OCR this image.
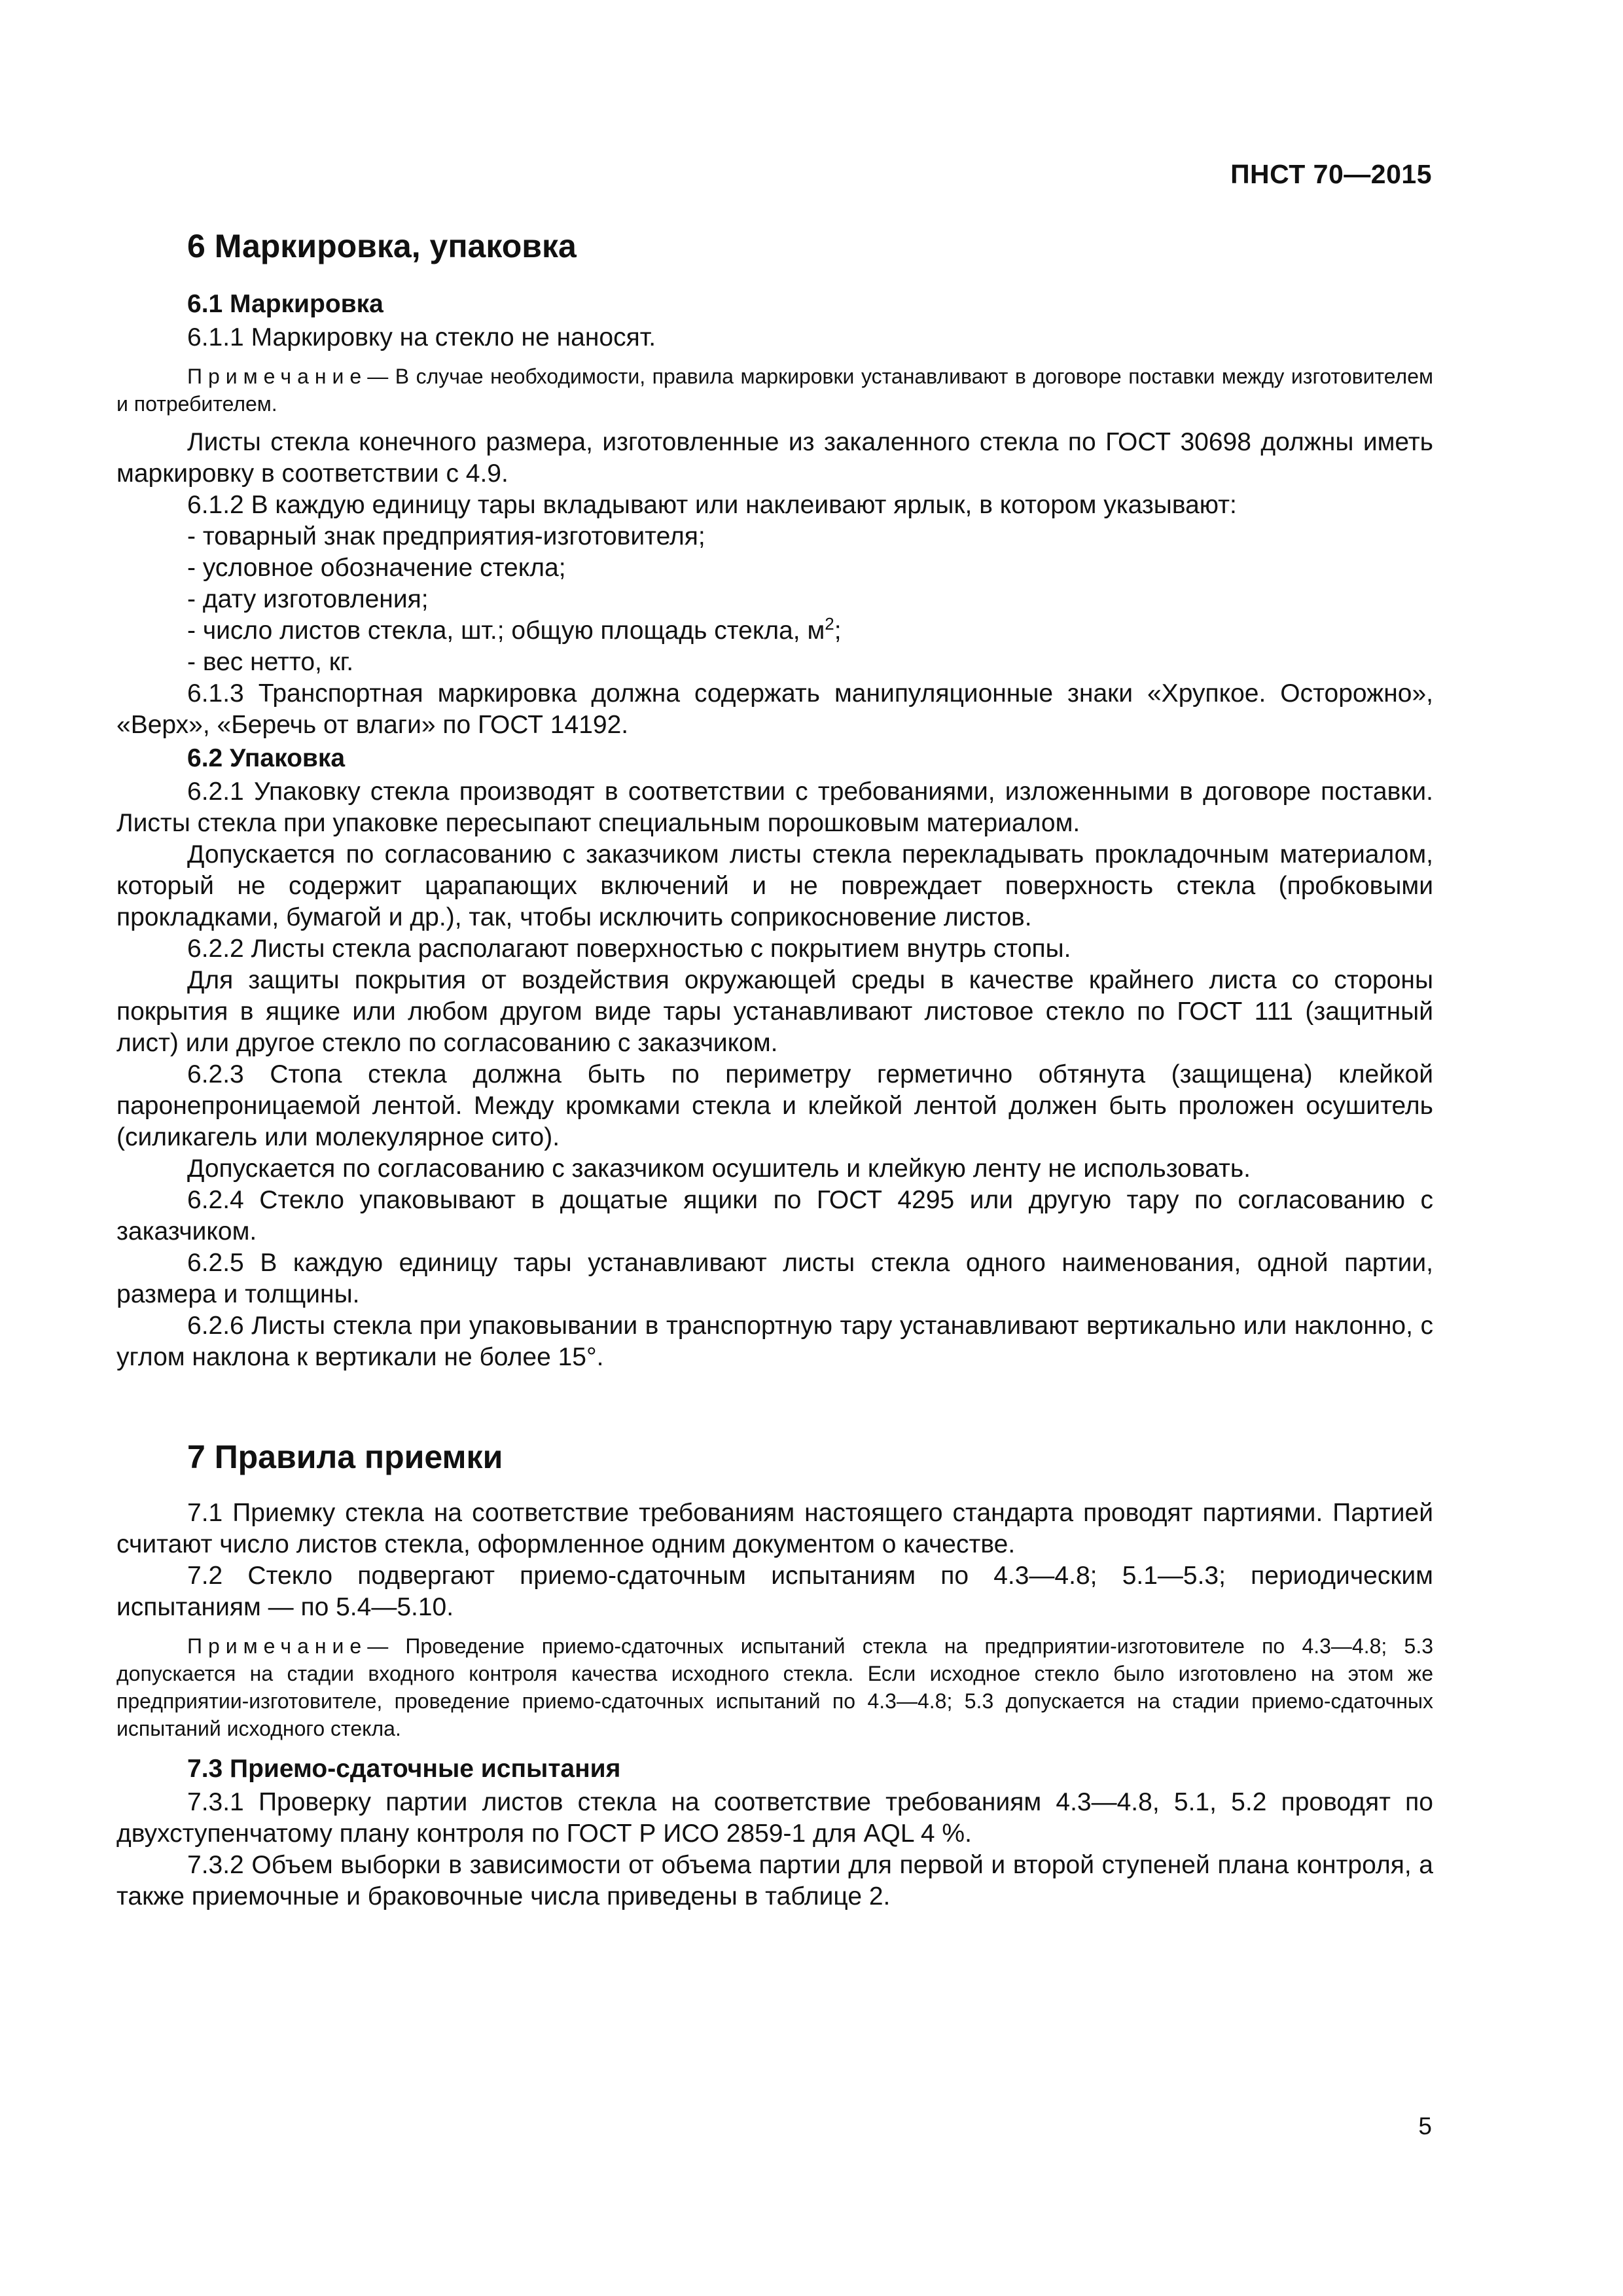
ПНСТ 70—2015
6 Маркировка, упаковка
6.1 Маркировка

6.1.1 Маркировку на стекло не наносят.

Примечание— В случае необходимости, правила маркировки устанавливают в договоре поставки между изготовителем и потребителем.

Листы стекла конечного размера, изготовленные из закаленного стекла по ГОСТ 30698 должны иметь маркировку в соответствии с 4.9.

6.1.2 В каждую единицу тары вкладывают или наклеивают ярлык, в котором указывают:

- товарный знак предприятия-изготовителя;

- условное обозначение стекла;

- дату изготовления;

- число листов стекла, шт.; общую площадь стекла, $м^2$;

- вес нетто, кг.

6.1.3 Транспортная маркировка должна содержать манипуляционные знаки «Хрупкое. Осторожно», «Верх», «Беречь от влаги» по ГОСТ 14192.

6.2 Упаковка

6.2.1 Упаковку стекла производят в соответствии с требованиями, изложенными в договоре поставки. Листы стекла при упаковке пересыпают специальным порошковым материалом.

Допускается по согласованию с заказчиком листы стекла перекладывать прокладочным материалом, который не содержит царапающих включений и не повреждает поверхность стекла (пробковыми прокладками, бумагой и др.), так, чтобы исключить соприкосновение листов.

6.2.2 Листы стекла располагают поверхностью с покрытием внутрь стопы.

Для защиты покрытия от воздействия окружающей среды в качестве крайнего листа со стороны покрытия в ящике или любом другом виде тары устанавливают листовое стекло по ГОСТ 111 (защитный лист) или другое стекло по согласованию с заказчиком.

6.2.3 Стопа стекла должна быть по периметру герметично обтянута (защищена) клейкой паронепроницаемой лентой. Между кромками стекла и клейкой лентой должен быть проложен осушитель (силикагель или молекулярное сито).

Допускается по согласованию с заказчиком осушитель и клейкую ленту не использовать.

6.2.4 Стекло упаковывают в дощатые ящики по ГОСТ 4295 или другую тару по согласованию с заказчиком.

6.2.5 В каждую единицу тары устанавливают листы стекла одного наименования, одной партии, размера и толщины.

6.2.6 Листы стекла при упаковывании в транспортную тару устанавливают вертикально или наклонно, с углом наклона к вертикали не более 15°.

7 Правила приемки

7.1 Приемку стекла на соответствие требованиям настоящего стандарта проводят партиями. Партией считают число листов стекла, оформленное одним документом о качестве.

7.2 Стекло подвергают приемо-сдаточным испытаниям по 4.3—4.8; 5.1—5.3; периодическим испытаниям — по 5.4—5.10.

Примечание— Проведение приемо-сдаточных испытаний стекла на предприятии-изготовителе по 4.3—4.8; 5.3 допускается на стадии входного контроля качества исходного стекла. Если исходное стекло было изготовлено на этом же предприятии-изготовителе, проведение приемо-сдаточных испытаний по 4.3—4.8; 5.3 допускается на стадии приемо-сдаточных испытаний исходного стекла.

7.3 Приемо-сдаточные испытания

7.3.1 Проверку партии листов стекла на соответствие требованиям 4.3—4.8, 5.1, 5.2 проводят по двухступенчатому плану контроля по ГОСТ Р ИСО 2859-1 для AQL 4 %.

7.3.2 Объем выборки в зависимости от объема партии для первой и второй ступеней плана контроля, а также приемочные и браковочные числа приведены в таблице 2.

5
